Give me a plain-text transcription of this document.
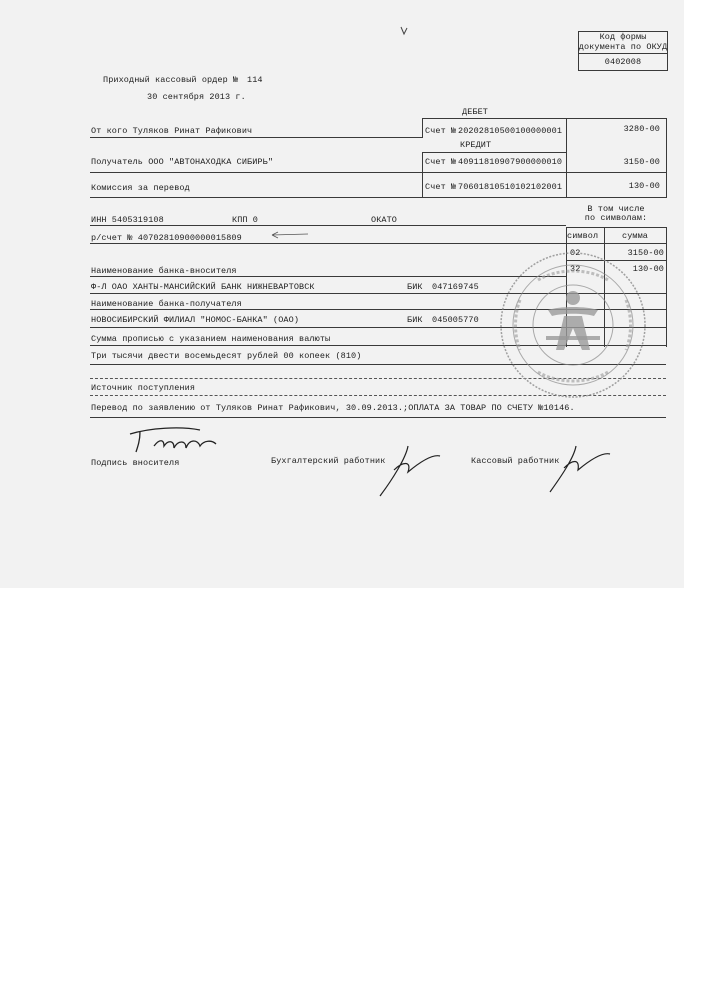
Код формы
документа по ОКУД
0402008
Приходный кассовый ордер № 114
30 сентября 2013 г.
ДЕБЕТ
От кого Туляков Ринат Рафикович	Счет № 20202810500100000001	3280-00
КРЕДИТ
Получатель ООО "АВТОНАХОДКА СИБИРЬ"	Счет № 40911810907900000010	3150-00
Комиссия за перевод	Счет № 70601810510102102001	130-00
В том числе
по символам:
символ	сумма
02	3150-00
32	130-00
ИНН 5405319108	КПП 0	ОКАТО
р/счет № 40702810900000015809
Наименование банка-вносителя
Ф-Л ОАО ХАНТЫ-МАНСИЙСКИЙ БАНК НИЖНЕВАРТОВСК	БИК 047169745
Наименование банка-получателя
НОВОСИБИРСКИЙ ФИЛИАЛ "НОМОС-БАНКА" (ОАО)	БИК 045005770
Сумма прописью с указанием наименования валюты
Три тысячи двести восемьдесят рублей 00 копеек (810)
Источник поступления
Перевод по заявлению от Туляков Ринат Рафикович, 30.09.2013.;ОПЛАТА ЗА ТОВАР ПО СЧЕТУ №10146.
Подпись вносителя	Бухгалтерский работник	Кассовый работник
